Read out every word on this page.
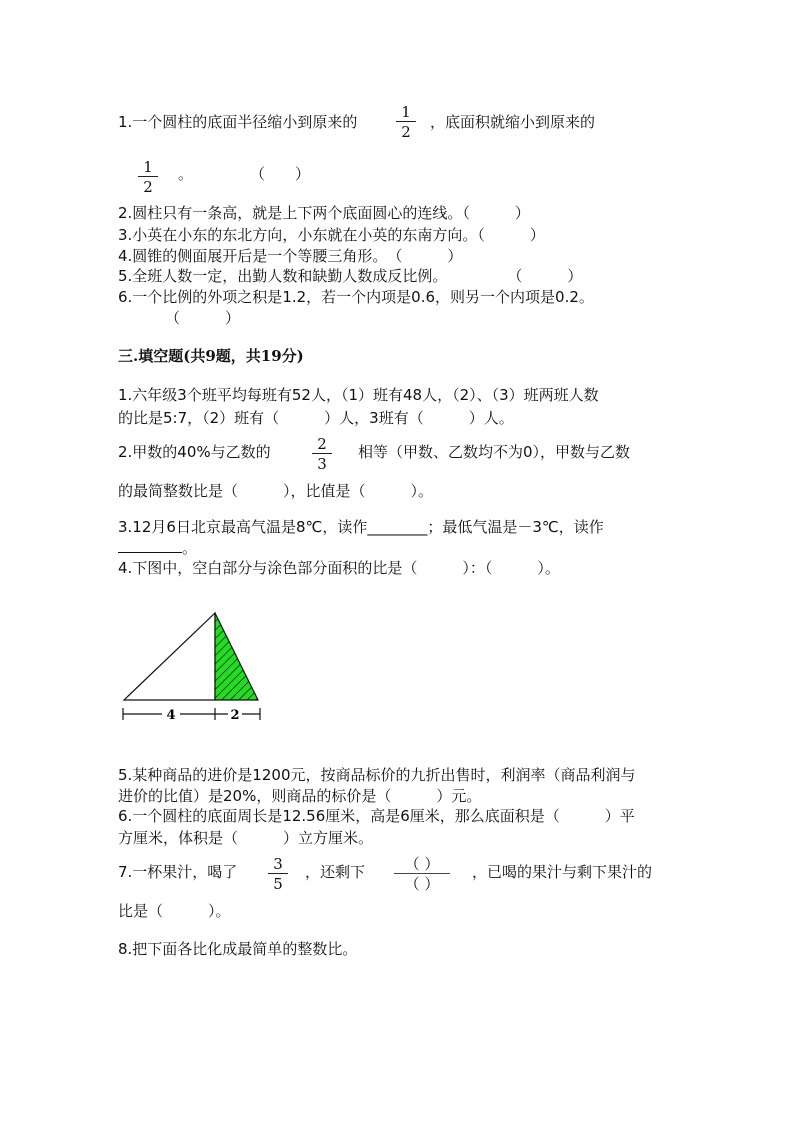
1.一个圆柱的底面半径缩小到原来的
1
2
，底面积就缩小到原来的
1
2
。	（　　）
2.圆柱只有一条高，就是上下两个底面圆心的连线。（　　　）
3.小英在小东的东北方向，小东就在小英的东南方向。（　　　）
4.圆锥的侧面展开后是一个等腰三角形。　（　　　）
5.全班人数一定，出勤人数和缺勤人数成反比例。　　　　　（　　　）
6.一个比例的外项之积是1.2，若一个内项是0.6，则另一个内项是0.2。
（　　　）
三.填空题(共9题，共19分)
1.六年级3个班平均每班有52人，（1）班有48人，（2）、（3）班两班人数
的比是5:7，（2）班有（　　　）人，3班有（　　　）人。
2.甲数的40%与乙数的	2
3
相等（甲数、乙数均不为0），甲数与乙数
的最简整数比是（　　　），比值是（　　　）。
3.12月6日北京最高气温是8℃，读作________；最低气温是－3℃，读作
。
4.下图中，空白部分与涂色部分面积的比是（　　　）：（　　　）。
4	2
5.某种商品的进价是1200元，按商品标价的九折出售时，利润率（商品利润与
进价的比值）是20%，则商品的标价是（　　　）元。
6.一个圆柱的底面周长是12.56厘米，高是6厘米，那么底面积是（　　　）平
方厘米，体积是（　　　）立方厘米。
7.一杯果汁，喝了	3
5
，还剩下	（ ）
（ ）
，已喝的果汁与剩下果汁的
比是（　　　）。
8.把下面各比化成最简单的整数比。
